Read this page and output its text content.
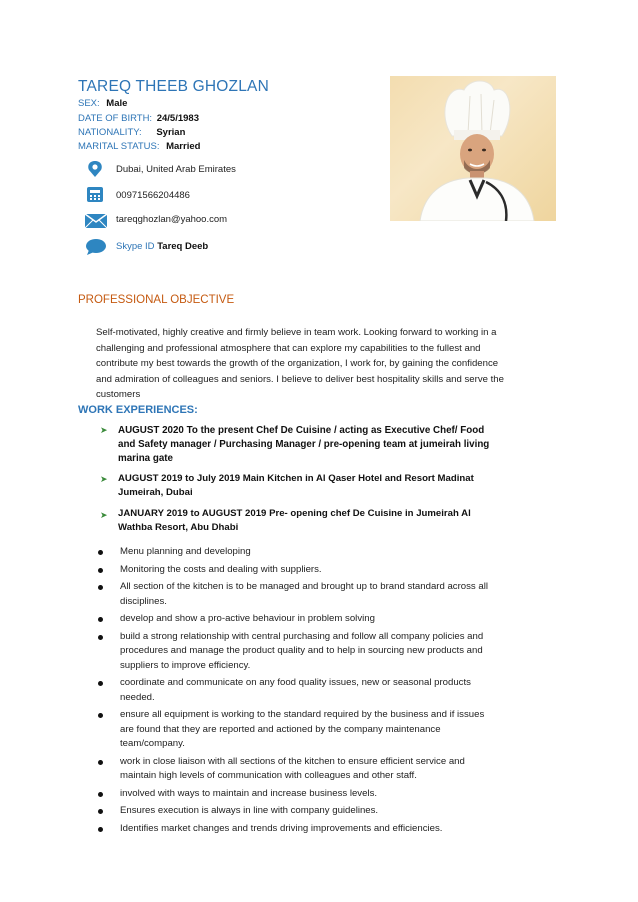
TAREQ THEEB GHOZLAN
SEX: Male
DATE OF BIRTH: 24/5/1983
NATIONALITY: Syrian
MARITAL STATUS: Married
Dubai, United Arab Emirates
00971566204486
tareqghozlan@yahoo.com
Skype ID Tareq Deeb
PROFESSIONAL OBJECTIVE
Self-motivated, highly creative and firmly believe in team work. Looking forward to working in a challenging and professional atmosphere that can explore my capabilities to the fullest and contribute my best towards the growth of the organization, I work for, by gaining the confidence and admiration of colleagues and seniors. I believe to deliver best hospitality skills and serve the customers
WORK EXPERIENCES:
➤ AUGUST 2020 To the present Chef De Cuisine / acting as Executive Chef/ Food and Safety manager / Purchasing Manager / pre-opening team at jumeirah living marina gate
➤ AUGUST 2019 to July 2019 Main Kitchen in Al Qaser Hotel and Resort Madinat Jumeirah, Dubai
➤ JANUARY 2019 to AUGUST 2019 Pre- opening chef De Cuisine in Jumeirah Al Wathba Resort, Abu Dhabi
Menu planning and developing
Monitoring the costs and dealing with suppliers.
All section of the kitchen is to be managed and brought up to brand standard across all disciplines.
develop and show a pro-active behaviour in problem solving
build a strong relationship with central purchasing and follow all company policies and procedures and manage the product quality and to help in sourcing new products and suppliers to improve efficiency.
coordinate and communicate on any food quality issues, new or seasonal products needed.
ensure all equipment is working to the standard required by the business and if issues are found that they are reported and actioned by the company maintenance team/company.
work in close liaison with all sections of the kitchen to ensure efficient service and maintain high levels of communication with colleagues and other staff.
involved with ways to maintain and increase business levels.
Ensures execution is always in line with company guidelines.
Identifies market changes and trends driving improvements and efficiencies.
